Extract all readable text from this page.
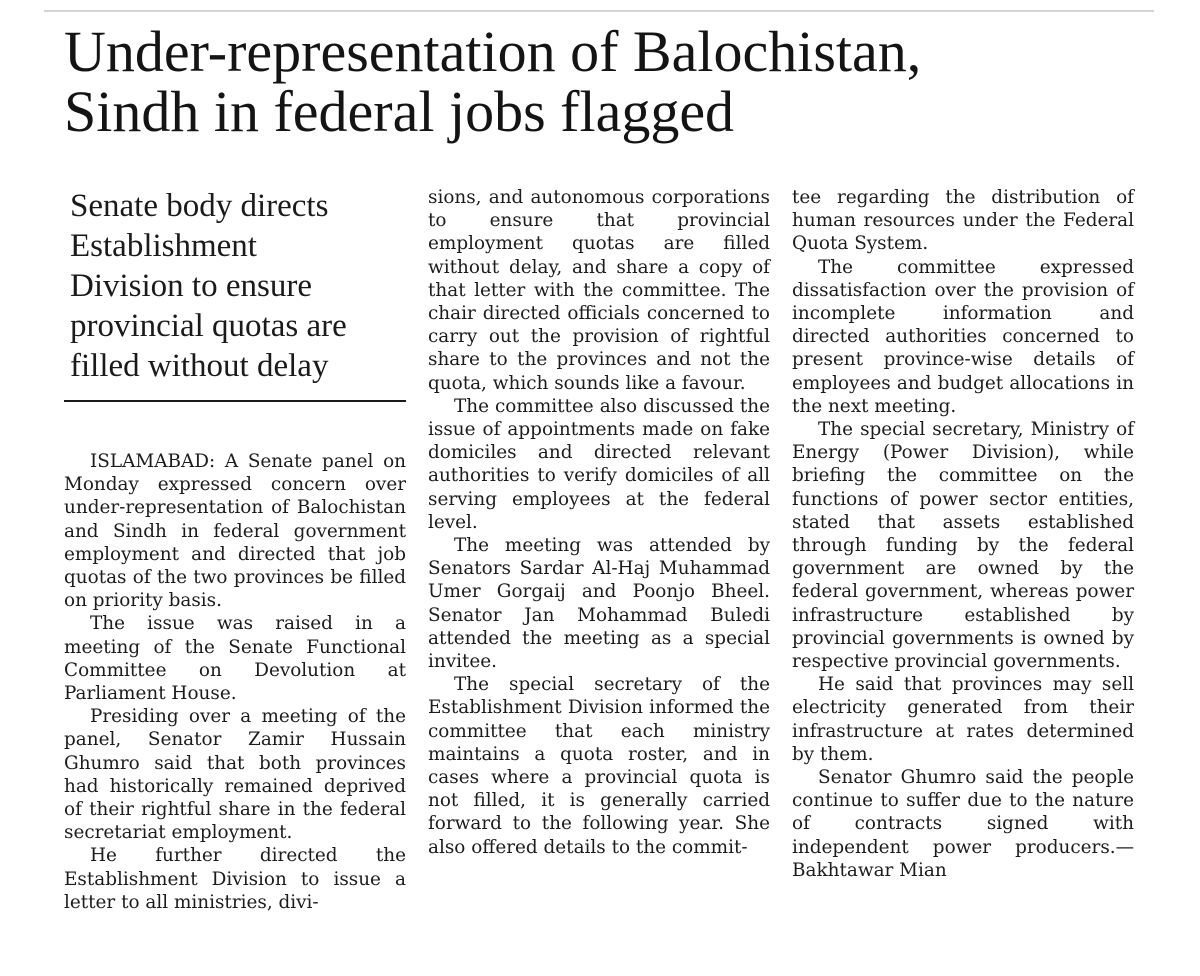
Under-representation of Balochistan,
Sindh in federal jobs flagged
Senate body directs
Establishment
Division to ensure
provincial quotas are
filled without delay

ISLAMABAD: A Senate panel on Monday expressed concern over under-representation of Balochistan and Sindh in federal government employment and directed that job quotas of the two provinces be filled on priority basis.

The issue was raised in a meeting of the Senate Functional Committee on Devolution at Parliament House.

Presiding over a meeting of the panel, Senator Zamir Hussain Ghumro said that both provinces had historically remained deprived of their rightful share in the federal secretariat employment.

He further directed the Establishment Division to issue a letter to all ministries, divi-

sions, and autonomous corporations to ensure that provincial employment quotas are filled without delay, and share a copy of that letter with the committee. The chair directed officials concerned to carry out the provision of rightful share to the provinces and not the quota, which sounds like a favour.

The committee also discussed the issue of appointments made on fake domiciles and directed relevant authorities to verify domiciles of all serving employees at the federal level.

The meeting was attended by Senators Sardar Al-Haj Muhammad Umer Gorgaij and Poonjo Bheel. Senator Jan Mohammad Buledi attended the meeting as a special invitee.

The special secretary of the Establishment Division informed the committee that each ministry maintains a quota roster, and in cases where a provincial quota is not filled, it is generally carried forward to the following year. She also offered details to the commit-

tee regarding the distribution of human resources under the Federal Quota System.

The committee expressed dissatisfaction over the provision of incomplete information and directed authorities concerned to present province-wise details of employees and budget allocations in the next meeting.

The special secretary, Ministry of Energy (Power Division), while briefing the committee on the functions of power sector entities, stated that assets established through funding by the federal government are owned by the federal government, whereas power infrastructure established by provincial governments is owned by respective provincial governments.

He said that provinces may sell electricity generated from their infrastructure at rates determined by them.

Senator Ghumro said the people continue to suffer due to the nature of contracts signed with independent power producers.—Bakhtawar Mian
